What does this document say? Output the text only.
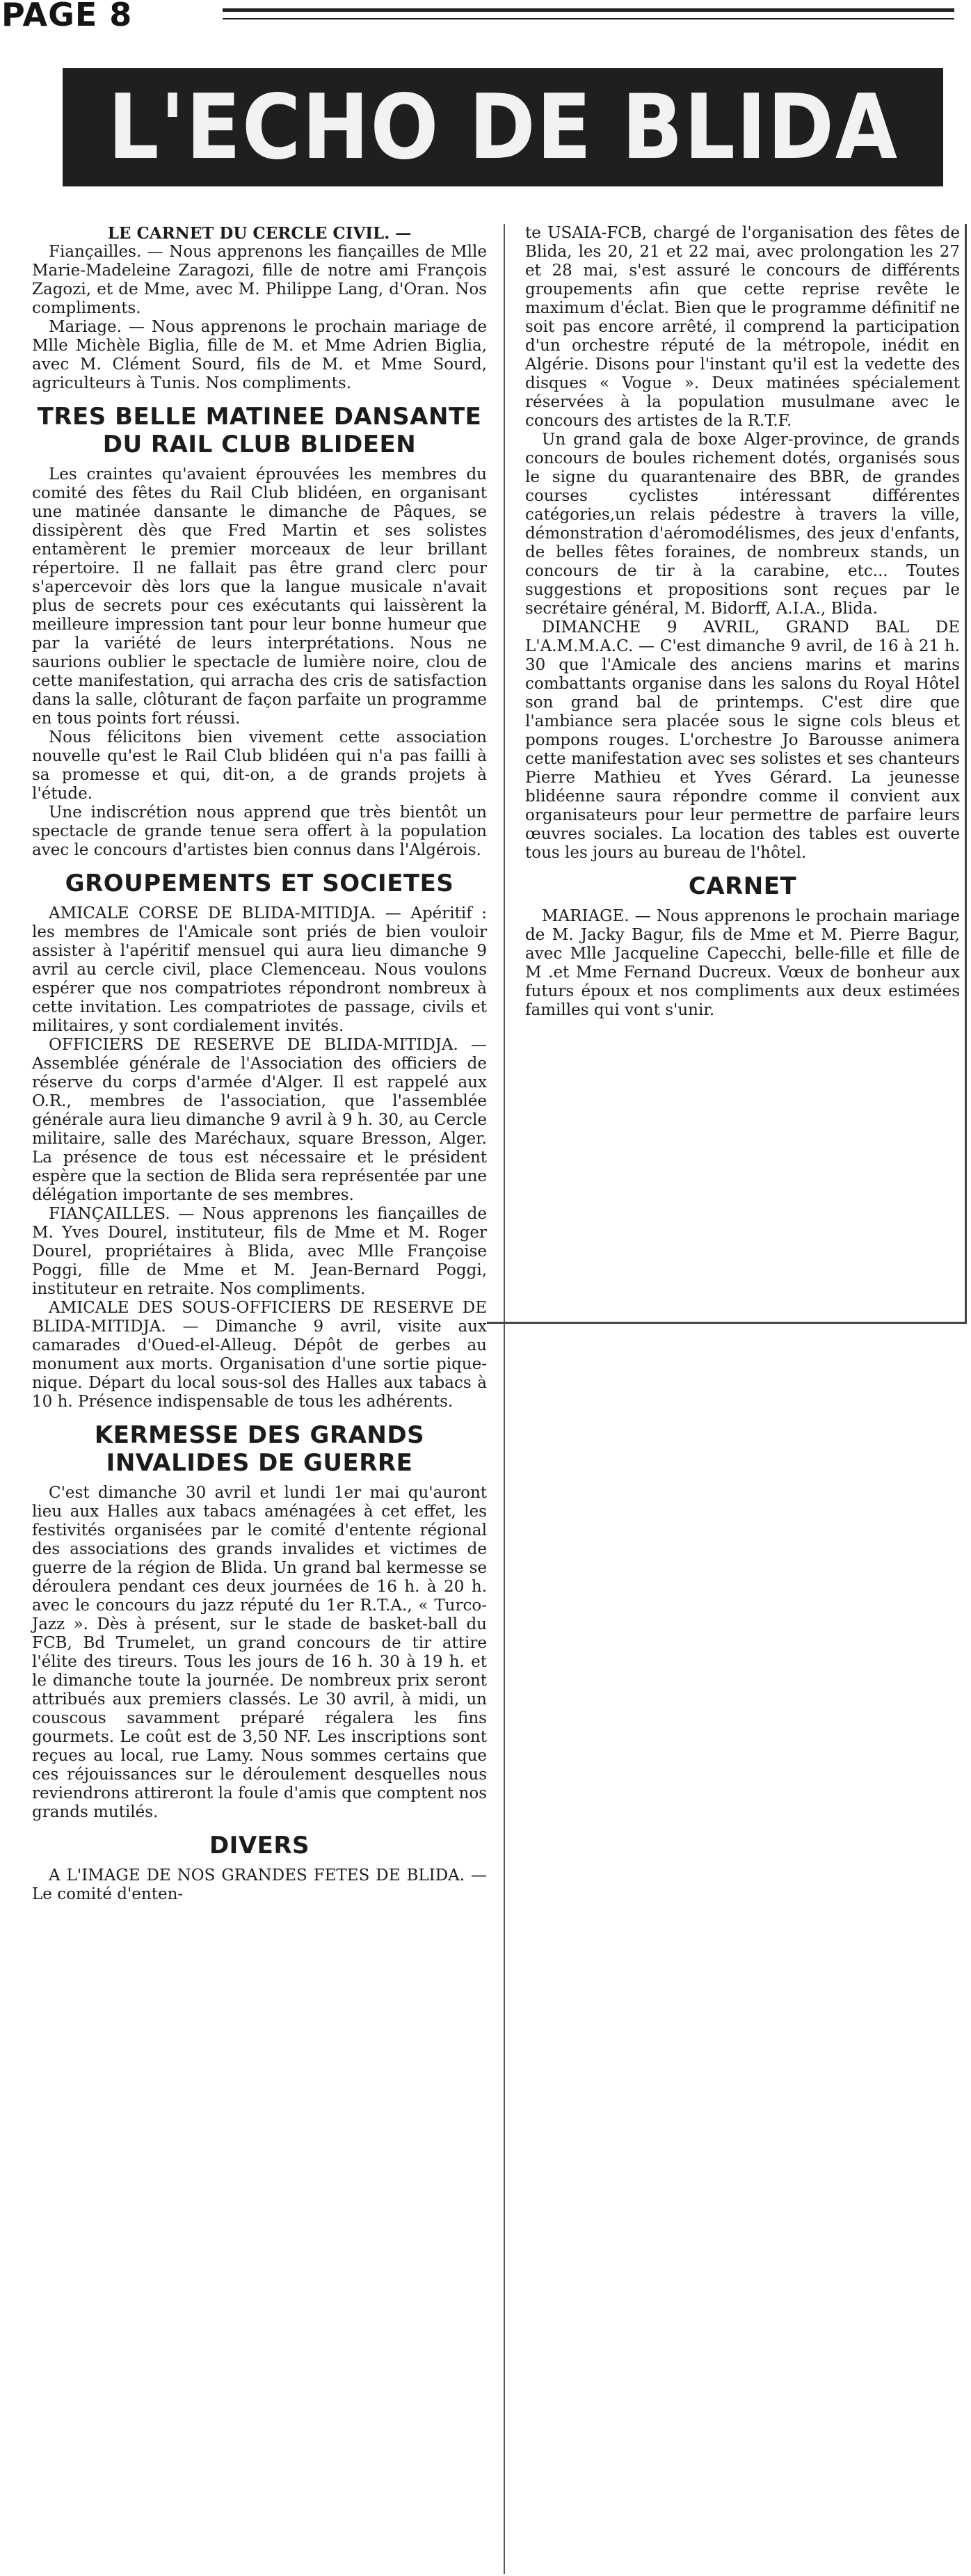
PAGE 8
L'ECHO DE BLIDA

LE CARNET DU CERCLE CIVIL. —

Fiançailles. — Nous apprenons les fiançailles de Mlle Marie-Madeleine Zaragozi, fille de notre ami François Zagozi, et de Mme, avec M. Philippe Lang, d'Oran. Nos compliments.

Mariage. — Nous apprenons le prochain mariage de Mlle Michèle Biglia, fille de M. et Mme Adrien Biglia, avec M. Clément Sourd, fils de M. et Mme Sourd, agriculteurs à Tunis. Nos compliments.

TRES BELLE MATINEE DANSANTE DU RAIL CLUB BLIDEEN

Les craintes qu'avaient éprouvées les membres du comité des fêtes du Rail Club blidéen, en organisant une matinée dansante le dimanche de Pâques, se dissipèrent dès que Fred Martin et ses solistes entamèrent le premier morceaux de leur brillant répertoire. Il ne fallait pas être grand clerc pour s'apercevoir dès lors que la langue musicale n'avait plus de secrets pour ces exécutants qui laissèrent la meilleure impression tant pour leur bonne humeur que par la variété de leurs interprétations. Nous ne saurions oublier le spectacle de lumière noire, clou de cette manifestation, qui arracha des cris de satisfaction dans la salle, clôturant de façon parfaite un programme en tous points fort réussi.

Nous félicitons bien vivement cette association nouvelle qu'est le Rail Club blidéen qui n'a pas failli à sa promesse et qui, dit-on, a de grands projets à l'étude.

Une indiscrétion nous apprend que très bientôt un spectacle de grande tenue sera offert à la population avec le concours d'artistes bien connus dans l'Algérois.

GROUPEMENTS ET SOCIETES

AMICALE CORSE DE BLIDA-MITIDJA. — Apéritif : les membres de l'Amicale sont priés de bien vouloir assister à l'apéritif mensuel qui aura lieu dimanche 9 avril au cercle civil, place Clemenceau. Nous voulons espérer que nos compatriotes répondront nombreux à cette invitation. Les compatriotes de passage, civils et militaires, y sont cordialement invités.

OFFICIERS DE RESERVE DE BLIDA-MITIDJA. — Assemblée générale de l'Association des officiers de réserve du corps d'armée d'Alger. Il est rappelé aux O.R., membres de l'association, que l'assemblée générale aura lieu dimanche 9 avril à 9 h. 30, au Cercle militaire, salle des Maréchaux, square Bresson, Alger. La présence de tous est nécessaire et le président espère que la section de Blida sera représentée par une délégation importante de ses membres.

FIANÇAILLES. — Nous apprenons les fiançailles de M. Yves Dourel, instituteur, fils de Mme et M. Roger Dourel, propriétaires à Blida, avec Mlle Françoise Poggi, fille de Mme et M. Jean-Bernard Poggi, instituteur en retraite. Nos compliments.

AMICALE DES SOUS-OFFICIERS DE RESERVE DE BLIDA-MITIDJA. — Dimanche 9 avril, visite aux camarades d'Oued-el-Alleug. Dépôt de gerbes au monument aux morts. Organisation d'une sortie pique-nique. Départ du local sous-sol des Halles aux tabacs à 10 h. Présence indispensable de tous les adhérents.

KERMESSE DES GRANDS INVALIDES DE GUERRE

C'est dimanche 30 avril et lundi 1er mai qu'auront lieu aux Halles aux tabacs aménagées à cet effet, les festivités organisées par le comité d'entente régional des associations des grands invalides et victimes de guerre de la région de Blida. Un grand bal kermesse se déroulera pendant ces deux journées de 16 h. à 20 h. avec le concours du jazz réputé du 1er R.T.A., « Turco-Jazz ». Dès à présent, sur le stade de basket-ball du FCB, Bd Trumelet, un grand concours de tir attire l'élite des tireurs. Tous les jours de 16 h. 30 à 19 h. et le dimanche toute la journée. De nombreux prix seront attribués aux premiers classés. Le 30 avril, à midi, un couscous savamment préparé régalera les fins gourmets. Le coût est de 3,50 NF. Les inscriptions sont reçues au local, rue Lamy. Nous sommes certains que ces réjouissances sur le déroulement desquelles nous reviendrons attireront la foule d'amis que comptent nos grands mutilés.

DIVERS

A L'IMAGE DE NOS GRANDES FETES DE BLIDA. — Le comité d'enten-

te USAIA-FCB, chargé de l'organisation des fêtes de Blida, les 20, 21 et 22 mai, avec prolongation les 27 et 28 mai, s'est assuré le concours de différents groupements afin que cette reprise revête le maximum d'éclat. Bien que le programme définitif ne soit pas encore arrêté, il comprend la participation d'un orchestre réputé de la métropole, inédit en Algérie. Disons pour l'instant qu'il est la vedette des disques « Vogue ». Deux matinées spécialement réservées à la population musulmane avec le concours des artistes de la R.T.F.

Un grand gala de boxe Alger-province, de grands concours de boules richement dotés, organisés sous le signe du quarantenaire des BBR, de grandes courses cyclistes intéressant différentes catégories,un relais pédestre à travers la ville, démonstration d'aéromodélismes, des jeux d'enfants, de belles fêtes foraines, de nombreux stands, un concours de tir à la carabine, etc... Toutes suggestions et propositions sont reçues par le secrétaire général, M. Bidorff, A.I.A., Blida.

DIMANCHE 9 AVRIL, GRAND BAL DE L'A.M.M.A.C. — C'est dimanche 9 avril, de 16 à 21 h. 30 que l'Amicale des anciens marins et marins combattants organise dans les salons du Royal Hôtel son grand bal de printemps. C'est dire que l'ambiance sera placée sous le signe cols bleus et pompons rouges. L'orchestre Jo Barousse animera cette manifestation avec ses solistes et ses chanteurs Pierre Mathieu et Yves Gérard. La jeunesse blidéenne saura répondre comme il convient aux organisateurs pour leur permettre de parfaire leurs œuvres sociales. La location des tables est ouverte tous les jours au bureau de l'hôtel.

CARNET

MARIAGE. — Nous apprenons le prochain mariage de M. Jacky Bagur, fils de Mme et M. Pierre Bagur, avec Mlle Jacqueline Capecchi, belle-fille et fille de M .et Mme Fernand Ducreux. Vœux de bonheur aux futurs époux et nos compliments aux deux estimées familles qui vont s'unir.
